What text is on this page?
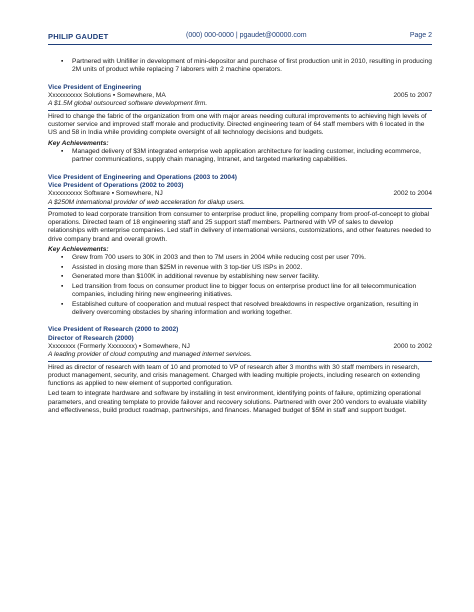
PHILIP GAUDET	(000) 000-0000 | pgaudet@00000.com	Page 2
▪ Partnered with Unifiller in development of mini-depositor and purchase of first production unit in 2010, resulting in producing 2M units of product while replacing 7 laborers with 2 machine operators.
Vice President of Engineering
Xxxxxxxxxx Solutions ▪ Somewhere, MA	2005 to 2007
A $1.5M global outsourced software development firm.
Hired to change the fabric of the organization from one with major areas needing cultural improvements to achieving high levels of customer service and improved staff morale and productivity. Directed engineering team of 64 staff members with 6 located in the US and 58 in India while providing complete oversight of all technology decisions and budgets.
Key Achievements:
▪ Managed delivery of $3M integrated enterprise web application architecture for leading customer, including ecommerce, partner communications, supply chain managing, Intranet, and targeted marketing capabilities.
Vice President of Engineering and Operations (2003 to 2004)
Vice President of Operations (2002 to 2003)
Xxxxxxxxxx Software ▪ Somewhere, NJ	2002 to 2004
A $250M international provider of web acceleration for dialup users.
Promoted to lead corporate transition from consumer to enterprise product line, propelling company from proof-of-concept to global operations. Directed team of 18 engineering staff and 25 support staff members. Partnered with VP of sales to develop relationships with enterprise companies. Led staff in delivery of international versions, customizations, and other features needed to drive company brand and overall growth.
Key Achievements:
▪ Grew from 700 users to 30K in 2003 and then to 7M users in 2004 while reducing cost per user 70%.
▪ Assisted in closing more than $25M in revenue with 3 top-tier US ISPs in 2002.
▪ Generated more than $100K in additional revenue by establishing new server facility.
▪ Led transition from focus on consumer product line to bigger focus on enterprise product line for all telecommunication companies, including hiring new engineering initiatives.
▪ Established culture of cooperation and mutual respect that resolved breakdowns in respective organization, resulting in delivery overcoming obstacles by sharing information and working together.
Vice President of Research (2000 to 2002)
Director of Research (2000)
Xxxxxxxx (Formerly Xxxxxxxx) ▪ Somewhere, NJ	2000 to 2002
A leading provider of cloud computing and managed internet services.
Hired as director of research with team of 10 and promoted to VP of research after 3 months with 30 staff members in research, product management, security, and crisis management. Charged with leading multiple projects, including research on extending functions as applied to new element of supported configuration.
Led team to integrate hardware and software by installing in test environment, identifying points of failure, optimizing operational parameters, and creating template to provide failover and recovery solutions. Partnered with over 200 vendors to evaluate viability and effectiveness, build product roadmap, partnerships, and finances. Managed budget of $5M in staff and support budget.
